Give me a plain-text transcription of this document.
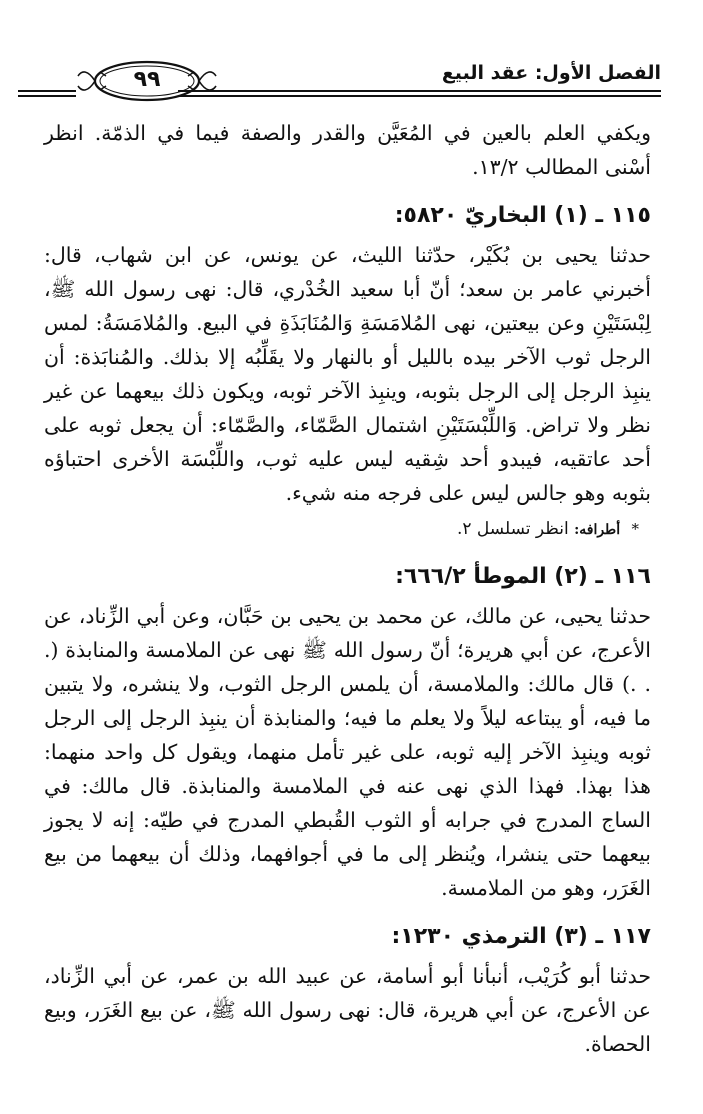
الفصل الأول: عقد البيع
٩٩

ويكفي العلم بالعين في المُعَيَّن والقدر والصفة فيما في الذمّة. انظر أسْنى المطالب ١٣/٢.

١١٥ ـ (١) البخاريّ ٥٨٢٠:

حدثنا يحيى بن بُكَيْر، حدّثنا الليث، عن يونس، عن ابن شهاب، قال: أخبرني عامر بن سعد؛ أنّ أبا سعيد الخُدْري، قال: نهى رسول الله ﷺ، لِبْسَتَيْنِ وعن بيعتين، نهى المُلامَسَةِ وَالمُنَابَذَةِ في البيع. والمُلامَسَةُ: لمس الرجل ثوب الآخر بيده بالليل أو بالنهار ولا يقَلِّبُه إلا بذلك. والمُنابَذة: أن ينبِذ الرجل إلى الرجل بثوبه، وينبِذ الآخر ثوبه، ويكون ذلك بيعهما عن غير نظر ولا تراض. وَاللِّبْسَتَيْنِ اشتمال الصَّمّاء، والصَّمّاء: أن يجعل ثوبه على أحد عاتقيه، فيبدو أحد شِقيه ليس عليه ثوب، واللِّبْسَة الأخرى احتباؤه بثوبه وهو جالس ليس على فرجه منه شيء.

* أطرافه: انظر تسلسل ٢.
١١٦ ـ (٢) الموطأ ٦٦٦/٢:

حدثنا يحيى، عن مالك، عن محمد بن يحيى بن حَبَّان، وعن أبي الزِّناد، عن الأعرج، عن أبي هريرة؛ أنّ رسول الله ﷺ نهى عن الملامسة والمنابذة (. . .) قال مالك: والملامسة، أن يلمس الرجل الثوب، ولا ينشره، ولا يتبين ما فيه، أو يبتاعه ليلاً ولا يعلم ما فيه؛ والمنابذة أن ينبِذ الرجل إلى الرجل ثوبه وينبِذ الآخر إليه ثوبه، على غير تأمل منهما، ويقول كل واحد منهما: هذا بهذا. فهذا الذي نهى عنه في الملامسة والمنابذة. قال مالك: في الساج المدرج في جرابه أو الثوب القُبطي المدرج في طيّه: إنه لا يجوز بيعهما حتى ينشرا، ويُنظر إلى ما في أجوافهما، وذلك أن بيعهما من بيع الغَرَر، وهو من الملامسة.

١١٧ ـ (٣) الترمذي ١٢٣٠:

حدثنا أبو كُرَيْب، أنبأنا أبو أسامة، عن عبيد الله بن عمر، عن أبي الزِّناد، عن الأعرج، عن أبي هريرة، قال: نهى رسول الله ﷺ، عن بيع الغَرَر، وبيع الحصاة.
